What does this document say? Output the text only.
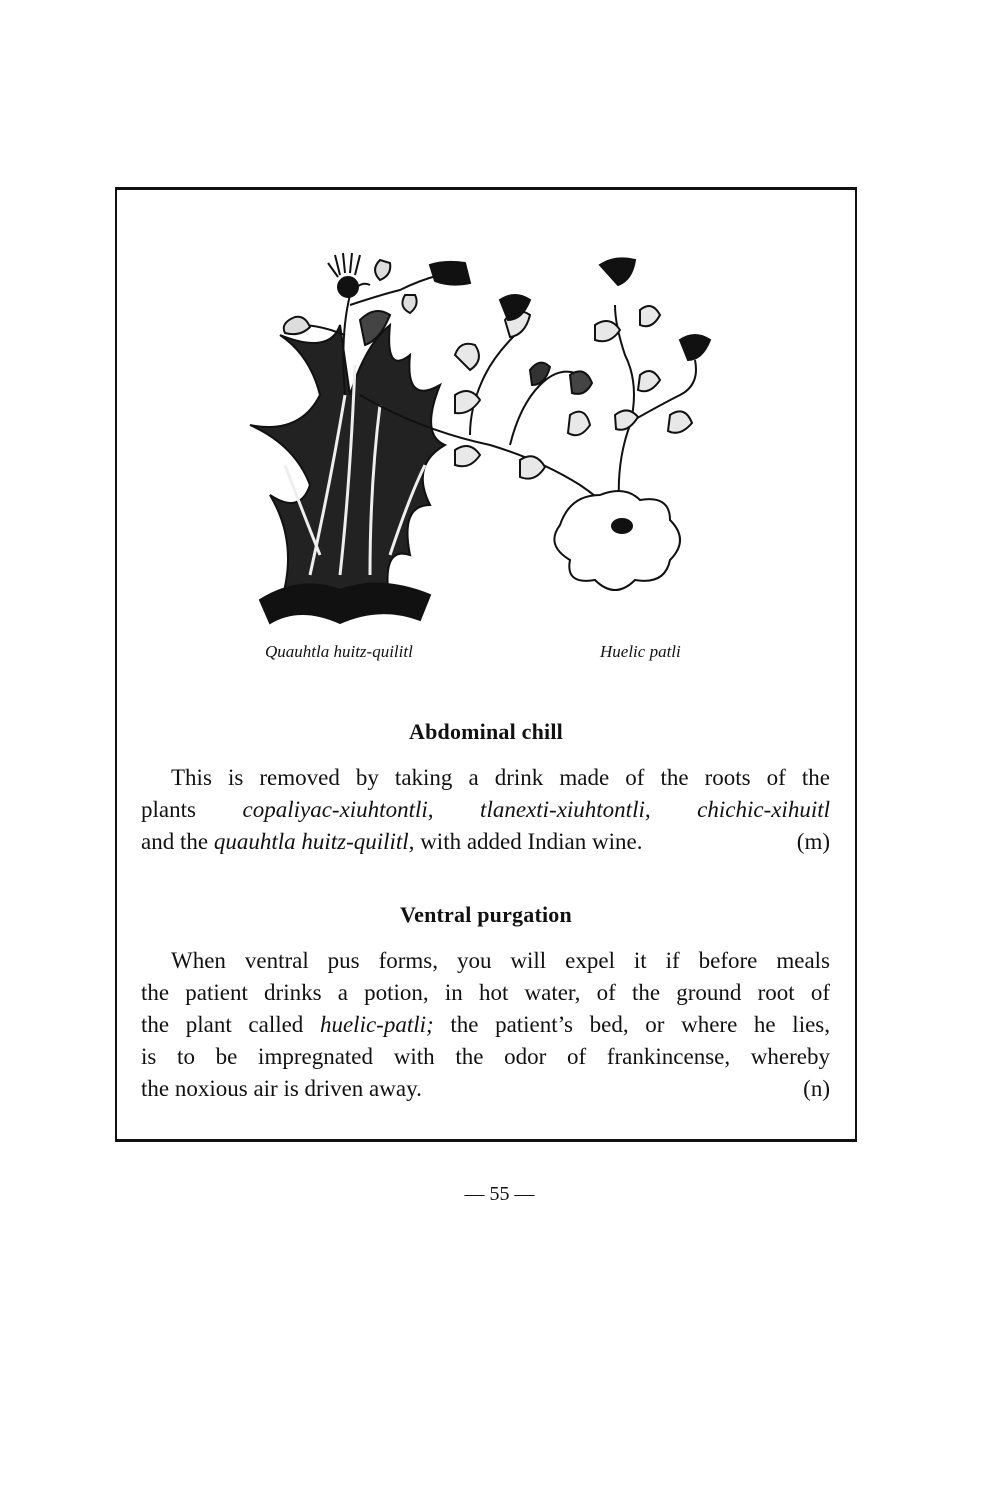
Quauhtla huitz-quilitl	Huelic patli
Abdominal chill
This is removed by taking a drink made of the roots of the
plants copaliyac-xiuhtontli, tlanexti-xiuhtontli, chichic-xihuitl
and the quauhtla huitz-quilitl, with added Indian wine.	(m)
Ventral purgation
When ventral pus forms, you will expel it if before meals
the patient drinks a potion, in hot water, of the ground root of
the plant called huelic-patli; the patient’s bed, or where he lies,
is to be impregnated with the odor of frankincense, whereby
the noxious air is driven away.	(n)
— 55 —
